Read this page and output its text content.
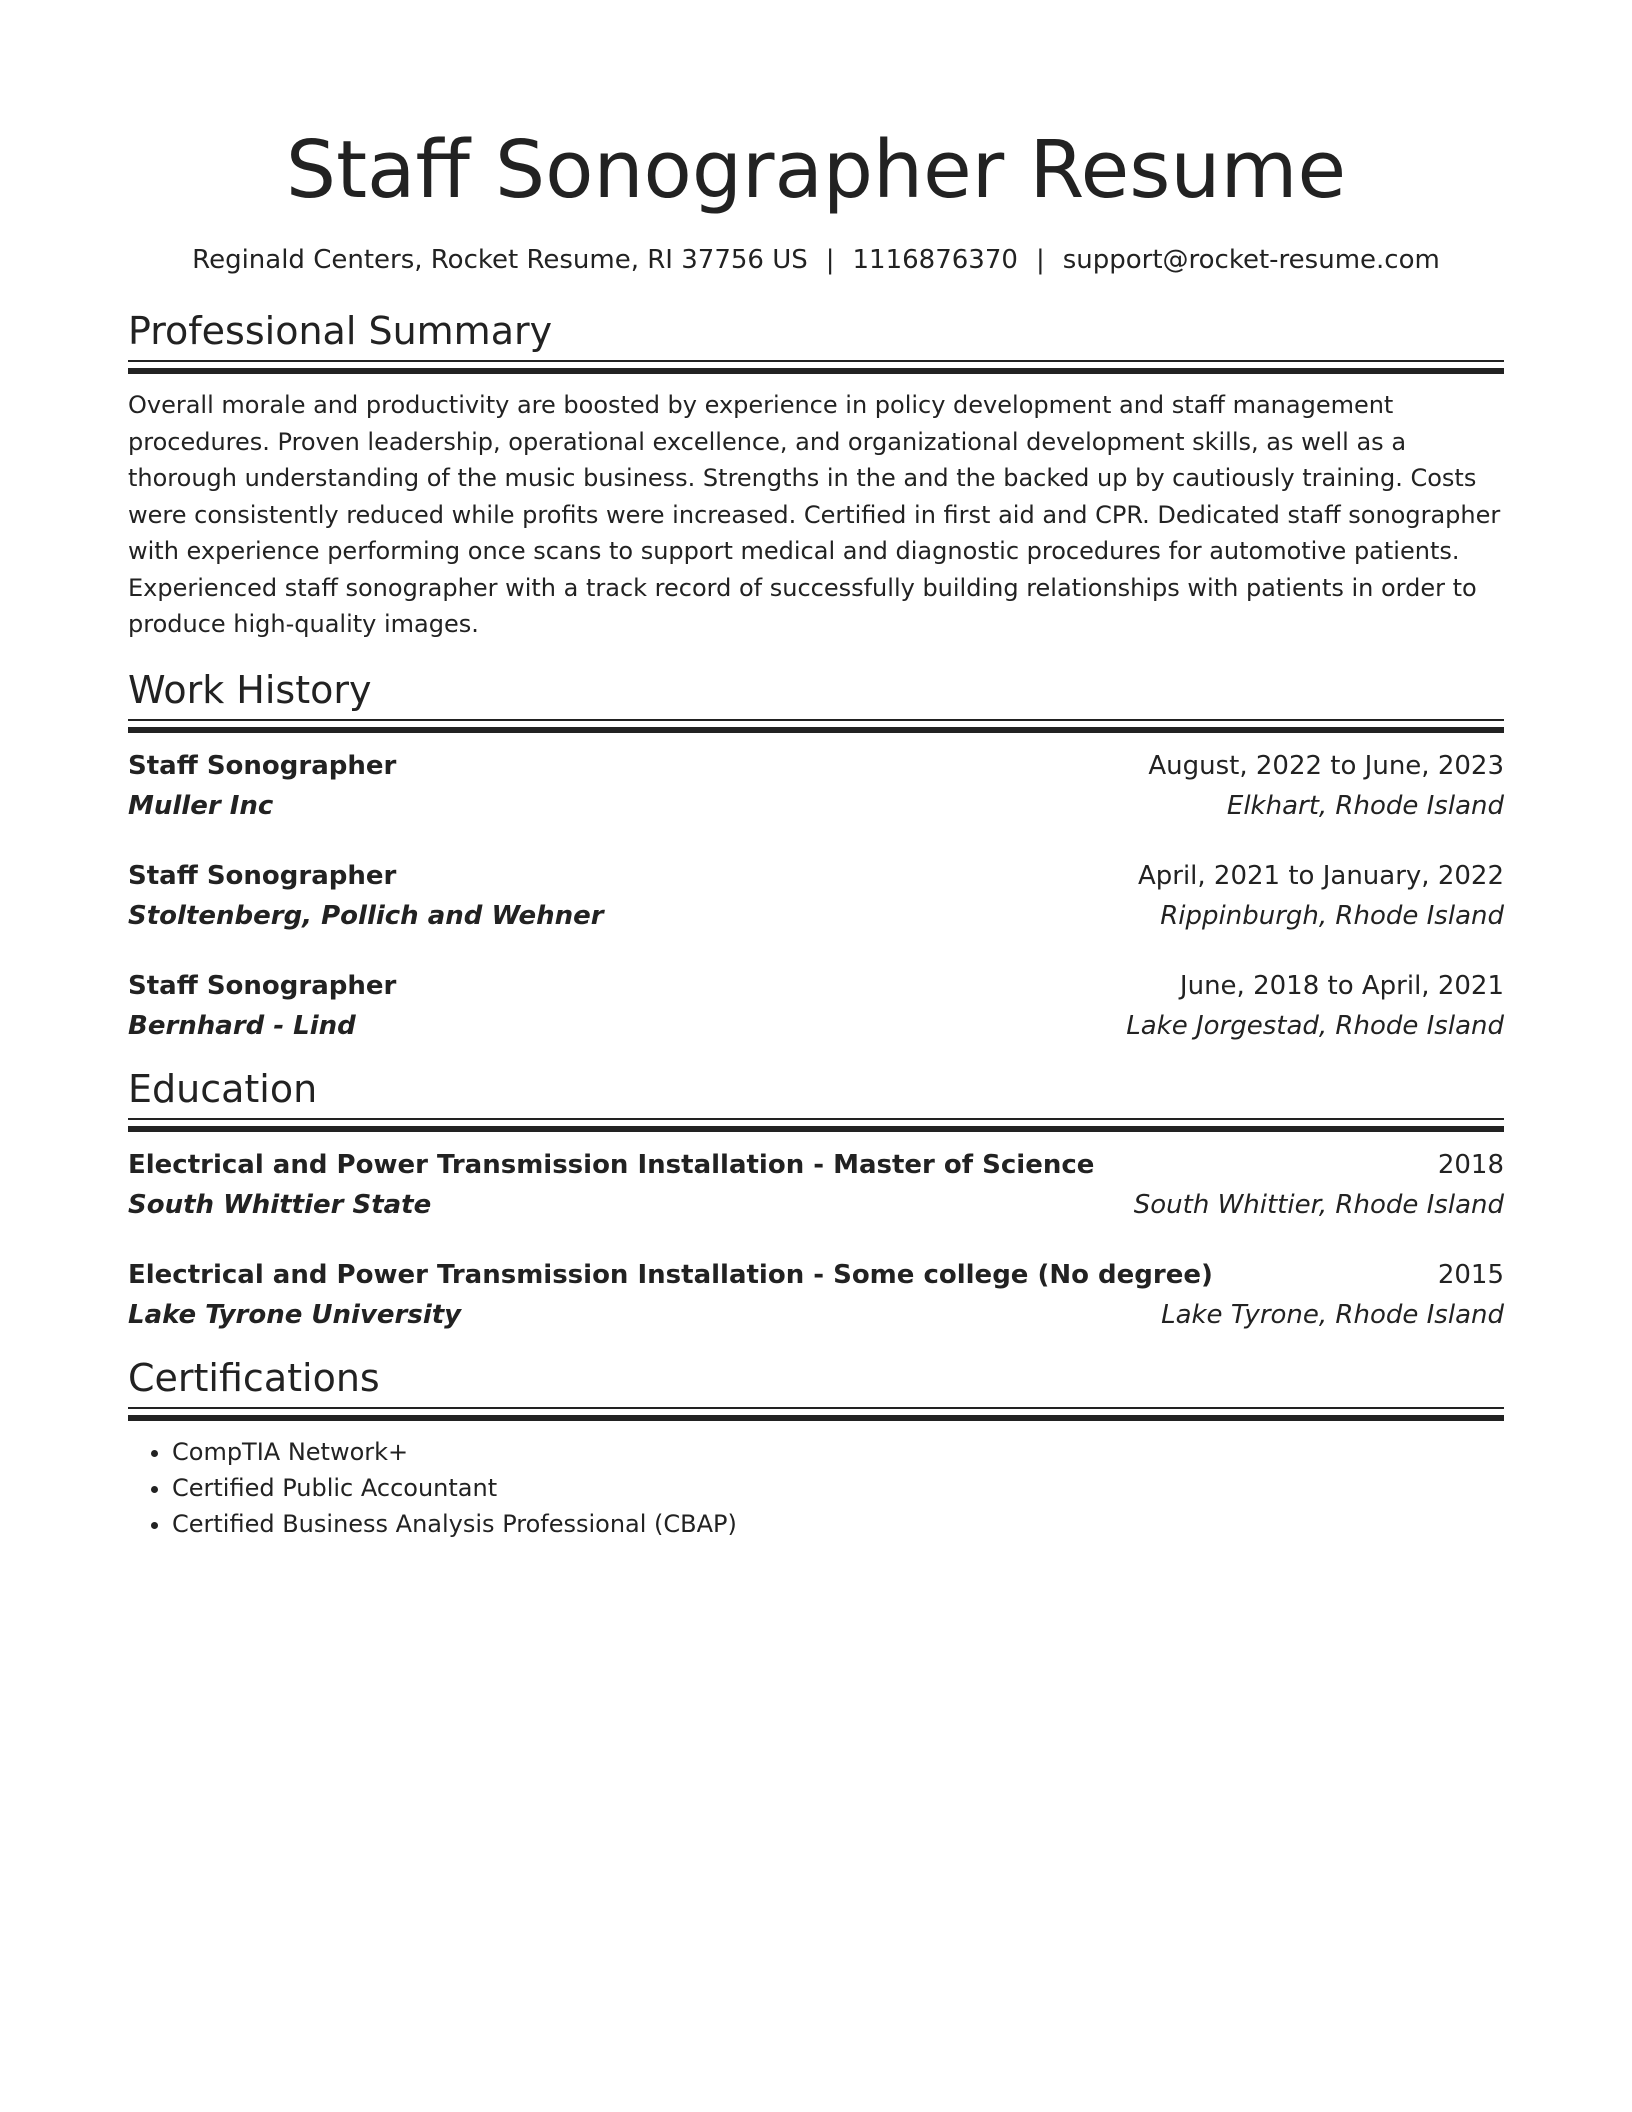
Staff Sonographer Resume
Reginald Centers, Rocket Resume, RI 37756 US | 1116876370 | support@rocket-resume.com
Professional Summary

Overall morale and productivity are boosted by experience in policy development and staff management procedures. Proven leadership, operational excellence, and organizational development skills, as well as a thorough understanding of the music business. Strengths in the and the backed up by cautiously training. Costs were consistently reduced while profits were increased. Certified in first aid and CPR. Dedicated staff sonographer with experience performing once scans to support medical and diagnostic procedures for automotive patients. Experienced staff sonographer with a track record of successfully building relationships with patients in order to produce high-quality images.

Work History
Staff Sonographer	August, 2022 to June, 2023
Muller Inc	Elkhart, Rhode Island
Staff Sonographer	April, 2021 to January, 2022
Stoltenberg, Pollich and Wehner	Rippinburgh, Rhode Island
Staff Sonographer	June, 2018 to April, 2021
Bernhard - Lind	Lake Jorgestad, Rhode Island
Education
Electrical and Power Transmission Installation - Master of Science	2018
South Whittier State	South Whittier, Rhode Island
Electrical and Power Transmission Installation - Some college (No degree)	2015
Lake Tyrone University	Lake Tyrone, Rhode Island
Certifications
• CompTIA Network+
• Certified Public Accountant
• Certified Business Analysis Professional (CBAP)
